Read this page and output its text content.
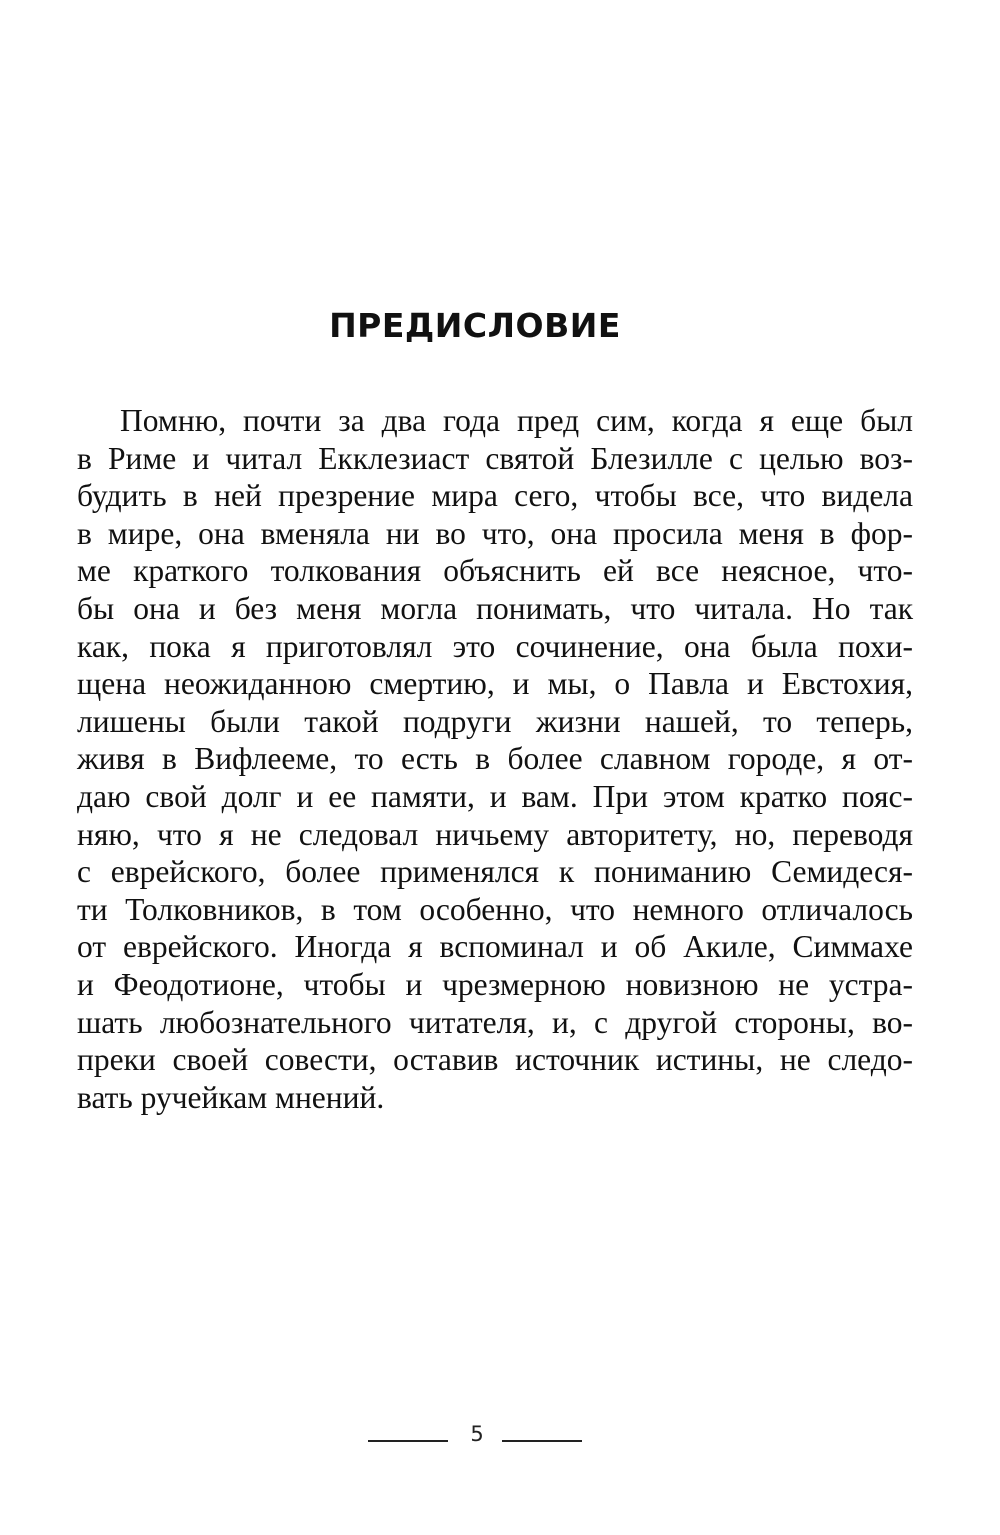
ПРЕДИСЛОВИЕ
Помню, почти за два года пред сим, когда я еще был
в Риме и читал Екклезиаст святой Блезилле с целью воз-
будить в ней презрение мира сего, чтобы все, что видела
в мире, она вменяла ни во что, она просила меня в фор-
ме краткого толкования объяснить ей все неясное, что-
бы она и без меня могла понимать, что читала. Но так
как, пока я приготовлял это сочинение, она была похи-
щена неожиданною смертию, и мы, о Павла и Евстохия,
лишены были такой подруги жизни нашей, то теперь,
живя в Вифлееме, то есть в более славном городе, я от-
даю свой долг и ее памяти, и вам. При этом кратко пояс-
няю, что я не следовал ничьему авторитету, но, переводя
с еврейского, более применялся к пониманию Семидеся-
ти Толковников, в том особенно, что немного отличалось
от еврейского. Иногда я вспоминал и об Акиле, Симмахе
и Феодотионе, чтобы и чрезмерною новизною не устра-
шать любознательного читателя, и, с другой стороны, во-
преки своей совести, оставив источник истины, не следо-
вать ручейкам мнений.
5
